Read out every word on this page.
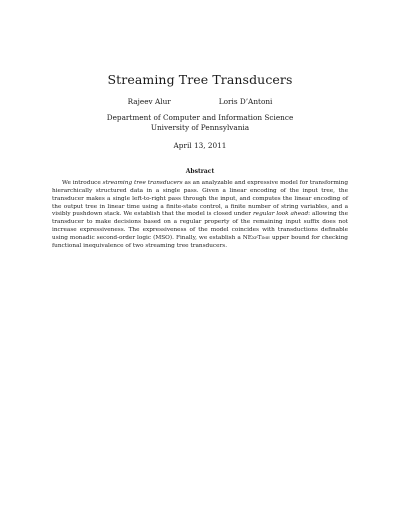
Streaming Tree Transducers
Rajeev Alur	Loris D’Antoni
Department of Computer and Information Science
University of Pennsylvania
April 13, 2011
Abstract

We introduce streaming tree transducers as an analyzable and expressive model for transforming hierarchically structured data in a single pass. Given a linear encoding of the input tree, the transducer makes a single left-to-right pass through the input, and computes the linear encoding of the output tree in linear time using a finite-state control, a finite number of string variables, and a visibly pushdown stack. We establish that the model is closed under regular look ahead: allowing the transducer to make decisions based on a regular property of the remaining input suffix does not increase expressiveness. The expressiveness of the model coincides with transductions definable using monadic second-order logic (MSO). Finally, we establish a NExpTime upper bound for checking functional inequivalence of two streaming tree transducers.
